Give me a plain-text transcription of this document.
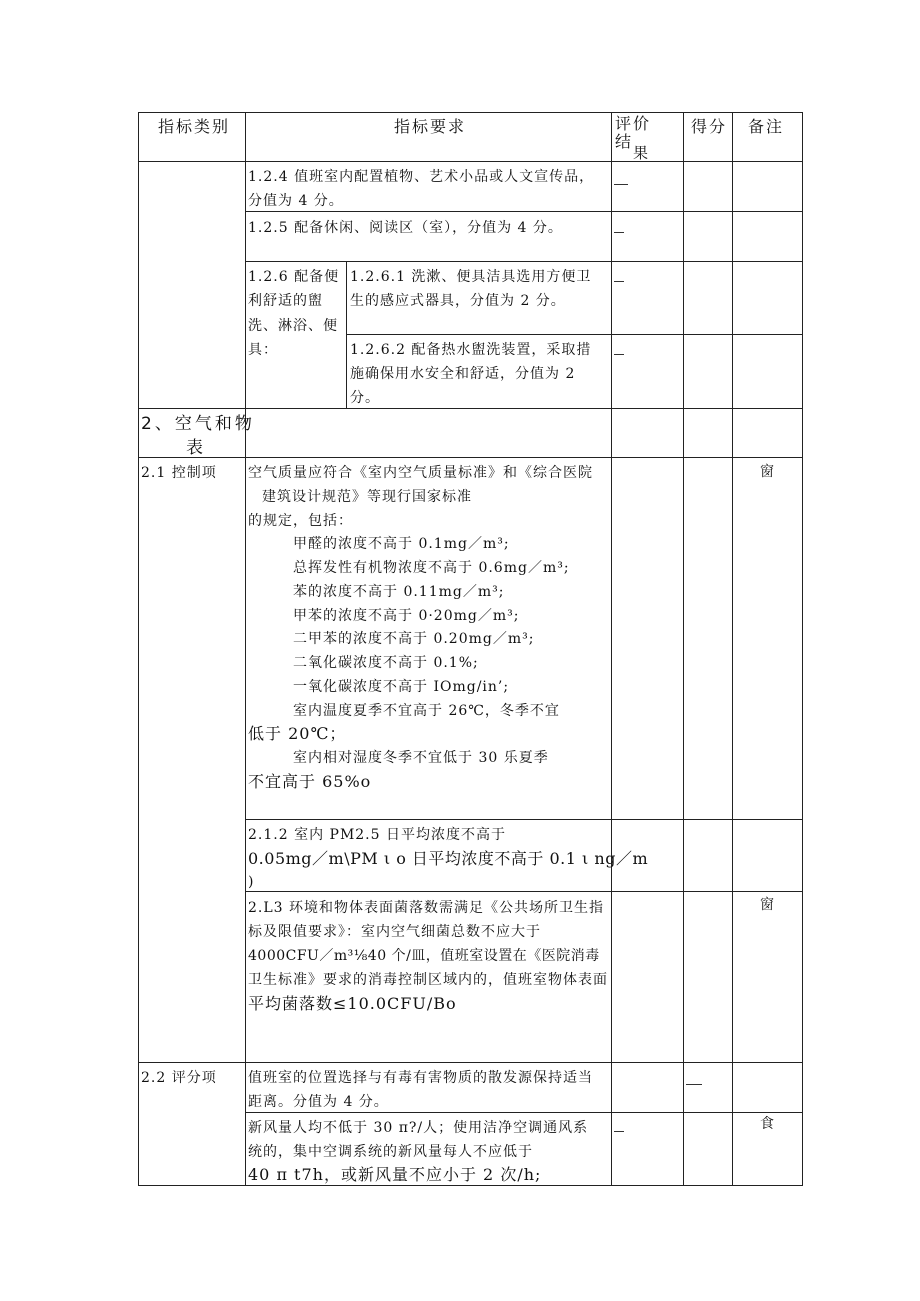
指标类别	指标要求	评价
结
果
得分 备注
1.2.4 值班室内配置植物、艺术小品或人文宣传品，
分值为 4 分。
1.2.5 配备休闲、阅读区（室），分值为 4 分。
1.2.6 配备便
利舒适的盥
洗、淋浴、便
具：
1.2.6.1 洗漱、便具洁具选用方便卫
生的感应式器具，分值为 2 分。
1.2.6.2 配备热水盥洗装置，采取措
施确保用水安全和舒适，分值为 2
分。
2、空气和物
表
2.1 控制项 空气质量应符合《室内空气质量标准》和《综合医院
建筑设计规范》等现行国家标准
的规定，包括：
甲醛的浓度不高于 0.1mg／m³;
总挥发性有机物浓度不高于 0.6mg／m³;
苯的浓度不高于 0.11mg／m³;
甲苯的浓度不高于 0·20mg／m³;
二甲苯的浓度不高于 0.20mg／m³;
二氧化碳浓度不高于 0.1%;
一氧化碳浓度不高于 IOmg/in’;
室内温度夏季不宜高于 26℃，冬季不宜
低于 20℃；
室内相对湿度冬季不宜低于 30 乐夏季
不宜高于 65%o
窗
2.1.2 室内 PM2.5 日平均浓度不高于
0.05mg／m\PM ι o 日平均浓度不高于 0.1 ι ng／m
)
2.L3 环境和物体表面菌落数需满足《公共场所卫生指
标及限值要求》：室内空气细菌总数不应大于
4000CFU／m³⅛40 个/皿，值班室设置在《医院消毒
卫生标准》要求的消毒控制区域内的，值班室物体表面
平均菌落数≤10.0CFU/Bo
窗
2.2 评分项 值班室的位置选择与有毒有害物质的散发源保持适当
距离。分值为 4 分。
新风量人均不低于 30 π?/人；使用洁净空调通风系
统的，集中空调系统的新风量每人不应低于
40 π t7h，或新风量不应小于 2 次/h;
食
